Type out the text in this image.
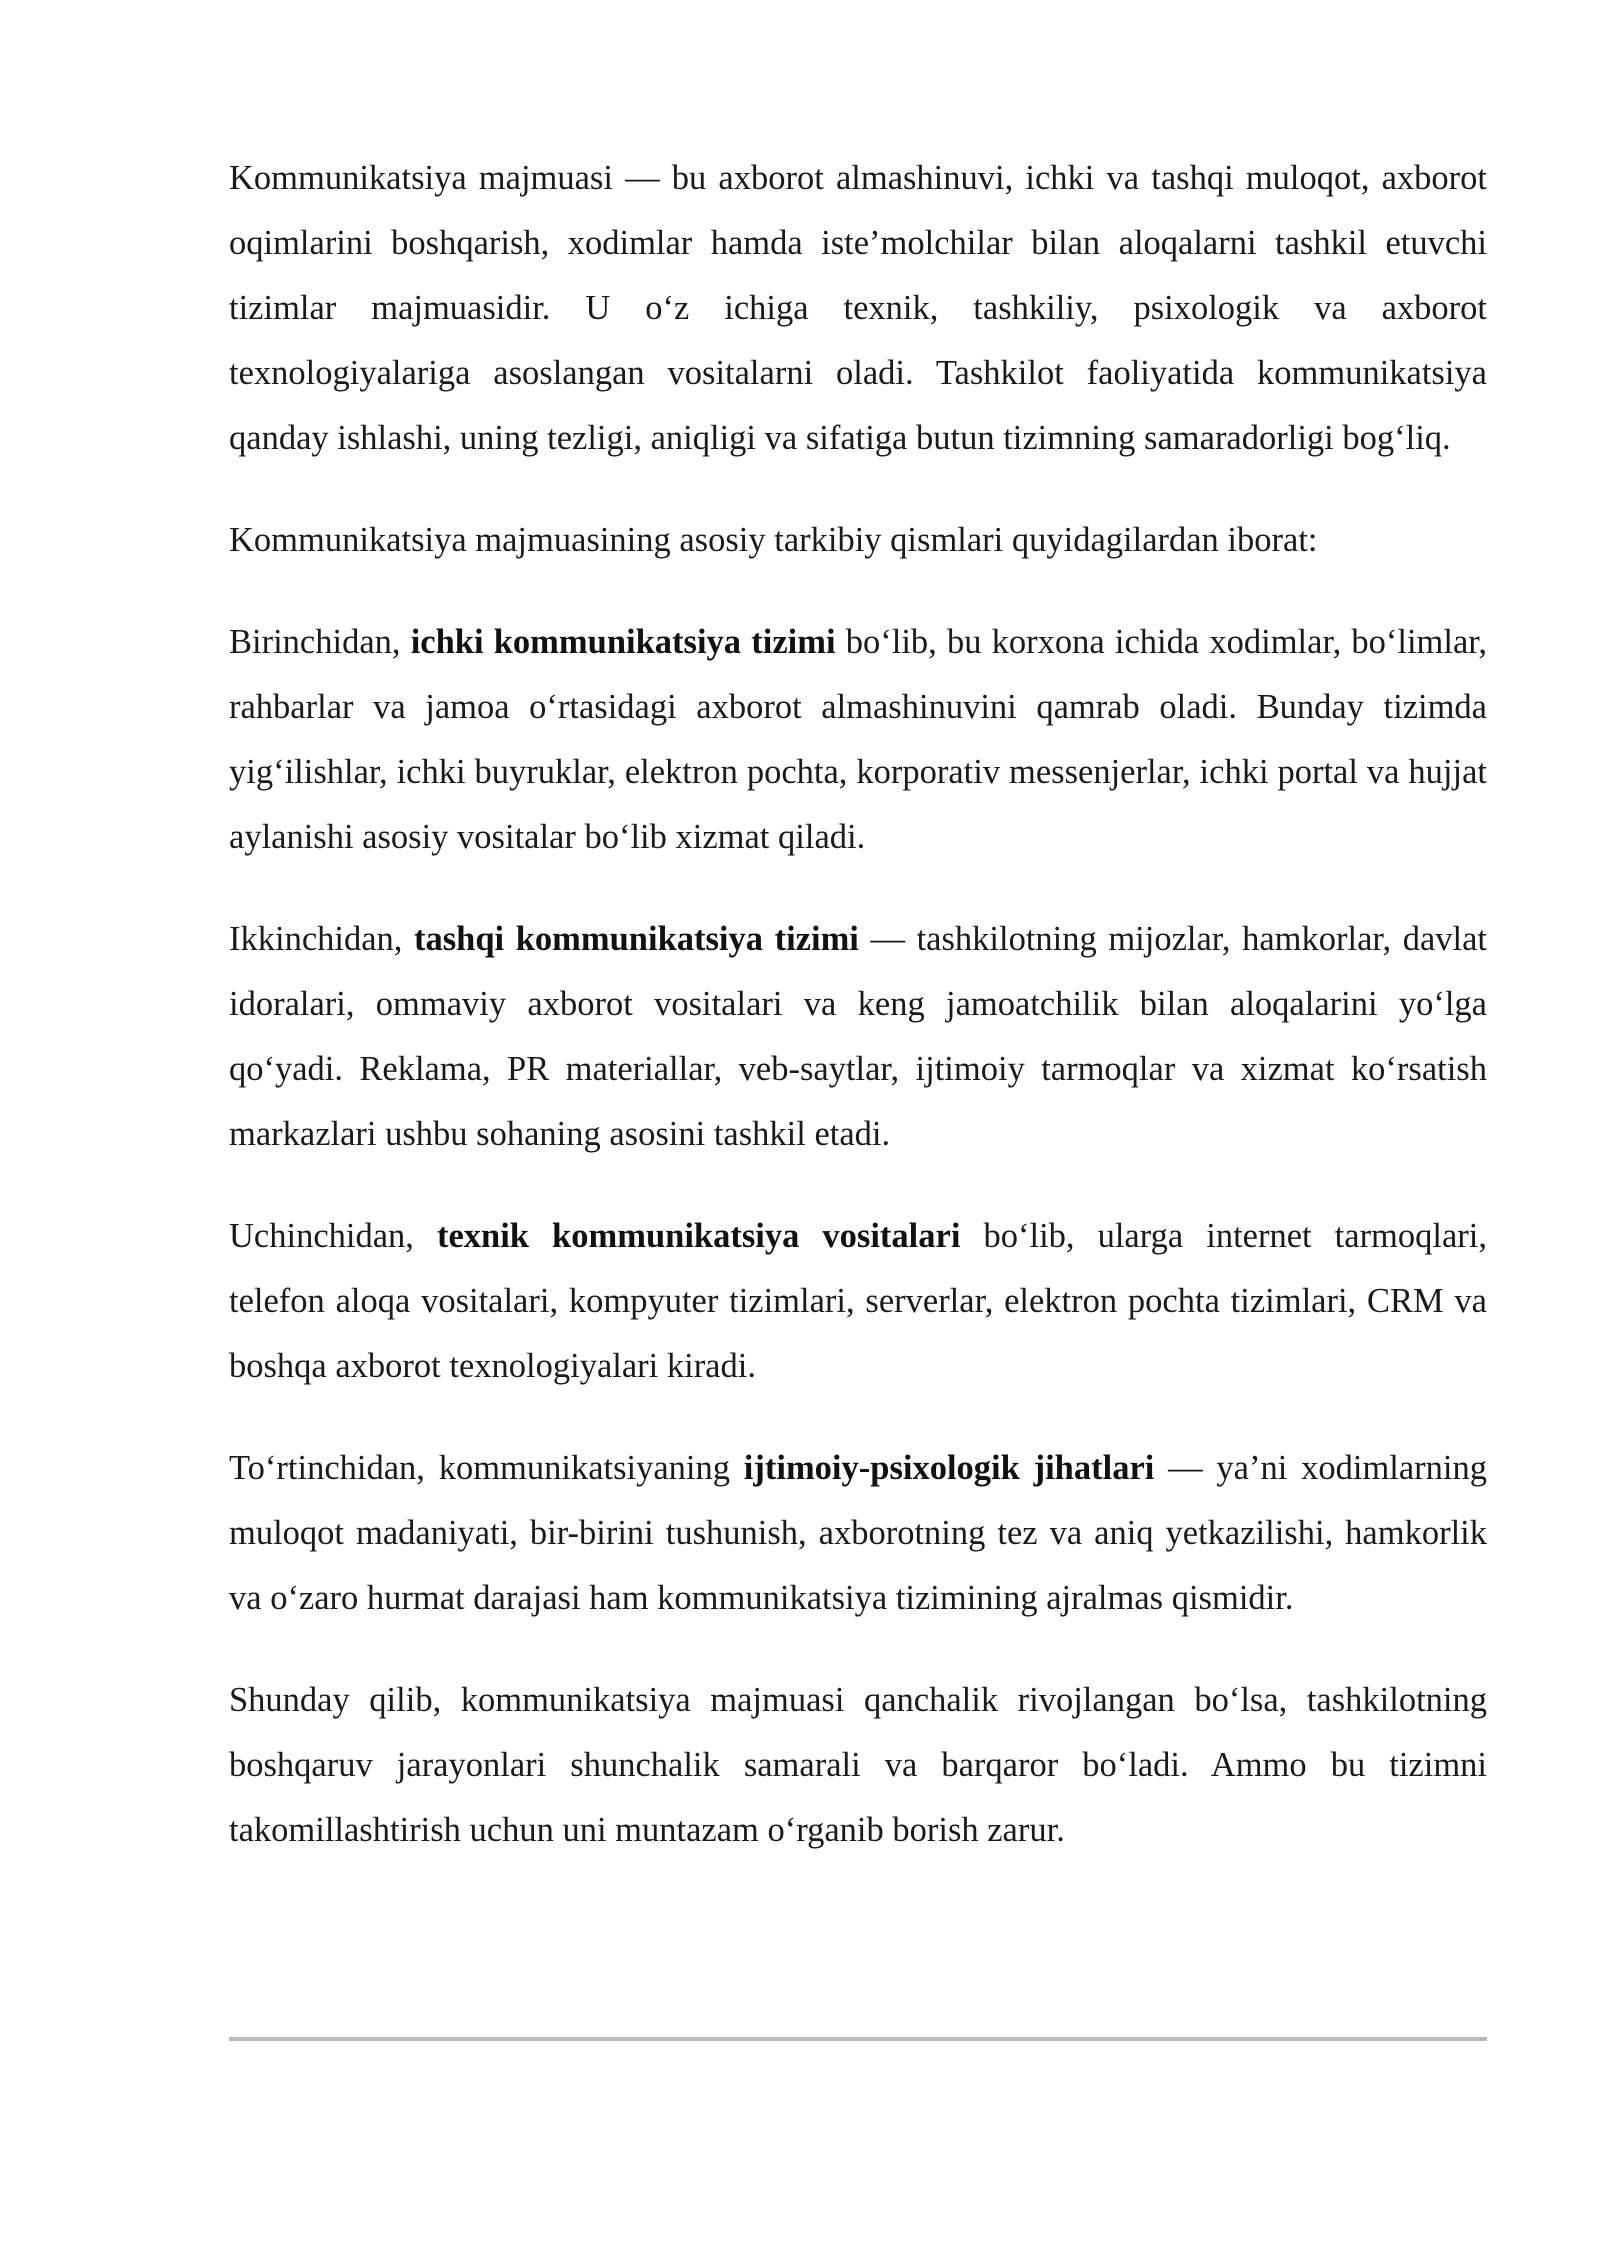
Kommunikatsiya majmuasi — bu axborot almashinuvi, ichki va tashqi muloqot, axborot oqimlarini boshqarish, xodimlar hamda iste’molchilar bilan aloqalarni tashkil etuvchi tizimlar majmuasidir. U o‘z ichiga texnik, tashkiliy, psixologik va axborot texnologiyalariga asoslangan vositalarni oladi. Tashkilot faoliyatida kommunikatsiya qanday ishlashi, uning tezligi, aniqligi va sifatiga butun tizimning samaradorligi bog‘liq.

Kommunikatsiya majmuasining asosiy tarkibiy qismlari quyidagilardan iborat:

Birinchidan, ichki kommunikatsiya tizimi bo‘lib, bu korxona ichida xodimlar, bo‘limlar, rahbarlar va jamoa o‘rtasidagi axborot almashinuvini qamrab oladi. Bunday tizimda yig‘ilishlar, ichki buyruklar, elektron pochta, korporativ messenjerlar, ichki portal va hujjat aylanishi asosiy vositalar bo‘lib xizmat qiladi.

Ikkinchidan, tashqi kommunikatsiya tizimi — tashkilotning mijozlar, hamkorlar, davlat idoralari, ommaviy axborot vositalari va keng jamoatchilik bilan aloqalarini yo‘lga qo‘yadi. Reklama, PR materiallar, veb-saytlar, ijtimoiy tarmoqlar va xizmat ko‘rsatish markazlari ushbu sohaning asosini tashkil etadi.

Uchinchidan, texnik kommunikatsiya vositalari bo‘lib, ularga internet tarmoqlari, telefon aloqa vositalari, kompyuter tizimlari, serverlar, elektron pochta tizimlari, CRM va boshqa axborot texnologiyalari kiradi.

To‘rtinchidan, kommunikatsiyaning ijtimoiy-psixologik jihatlari — ya’ni xodimlarning muloqot madaniyati, bir-birini tushunish, axborotning tez va aniq yetkazilishi, hamkorlik va o‘zaro hurmat darajasi ham kommunikatsiya tizimining ajralmas qismidir.

Shunday qilib, kommunikatsiya majmuasi qanchalik rivojlangan bo‘lsa, tashkilotning boshqaruv jarayonlari shunchalik samarali va barqaror bo‘ladi. Ammo bu tizimni takomillashtirish uchun uni muntazam o‘rganib borish zarur.
